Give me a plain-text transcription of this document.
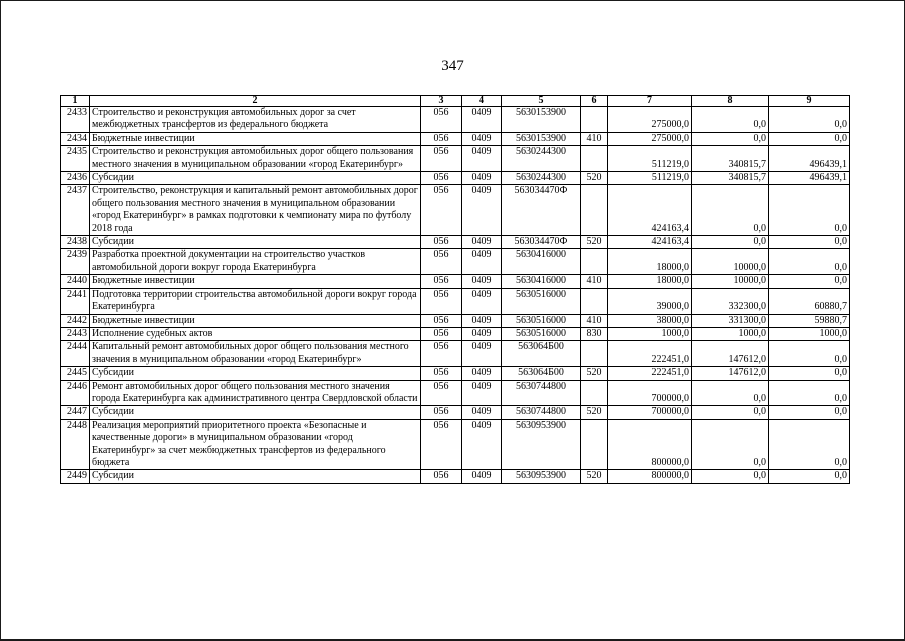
347
1	2	3	4	5	6	7	8	9
2433	Строительство и реконструкция автомобильных дорог за счет межбюджетных трансфертов из федерального бюджета	056	0409	5630153900		275000,0	0,0	0,0
2434	Бюджетные инвестиции	056	0409	5630153900	410	275000,0	0,0	0,0
2435	Строительство и реконструкция автомобильных дорог общего пользования местного значения в муниципальном образовании «город Екатеринбург»	056	0409	5630244300		511219,0	340815,7	496439,1
2436	Субсидии	056	0409	5630244300	520	511219,0	340815,7	496439,1
2437	Строительство, реконструкция и капитальный ремонт автомобильных дорог общего пользования местного значения в муниципальном образовании «город Екатеринбург» в рамках подготовки к чемпионату мира по футболу 2018 года	056	0409	563034470Ф		424163,4	0,0	0,0
2438	Субсидии	056	0409	563034470Ф	520	424163,4	0,0	0,0
2439	Разработка проектной документации на строительство участков автомобильной дороги вокруг города Екатеринбурга	056	0409	5630416000		18000,0	10000,0	0,0
2440	Бюджетные инвестиции	056	0409	5630416000	410	18000,0	10000,0	0,0
2441	Подготовка территории строительства автомобильной дороги вокруг города Екатеринбурга	056	0409	5630516000		39000,0	332300,0	60880,7
2442	Бюджетные инвестиции	056	0409	5630516000	410	38000,0	331300,0	59880,7
2443	Исполнение судебных актов	056	0409	5630516000	830	1000,0	1000,0	1000,0
2444	Капитальный ремонт автомобильных дорог общего пользования местного значения в муниципальном образовании «город Екатеринбург»	056	0409	563064Б00		222451,0	147612,0	0,0
2445	Субсидии	056	0409	563064Б00	520	222451,0	147612,0	0,0
2446	Ремонт автомобильных дорог общего пользования местного значения города Екатеринбурга как административного центра Свердловской области	056	0409	5630744800		700000,0	0,0	0,0
2447	Субсидии	056	0409	5630744800	520	700000,0	0,0	0,0
2448	Реализация мероприятий приоритетного проекта «Безопасные и качественные дороги» в муниципальном образовании «город Екатеринбург» за счет межбюджетных трансфертов из федерального бюджета	056	0409	5630953900		800000,0	0,0	0,0
2449	Субсидии	056	0409	5630953900	520	800000,0	0,0	0,0
